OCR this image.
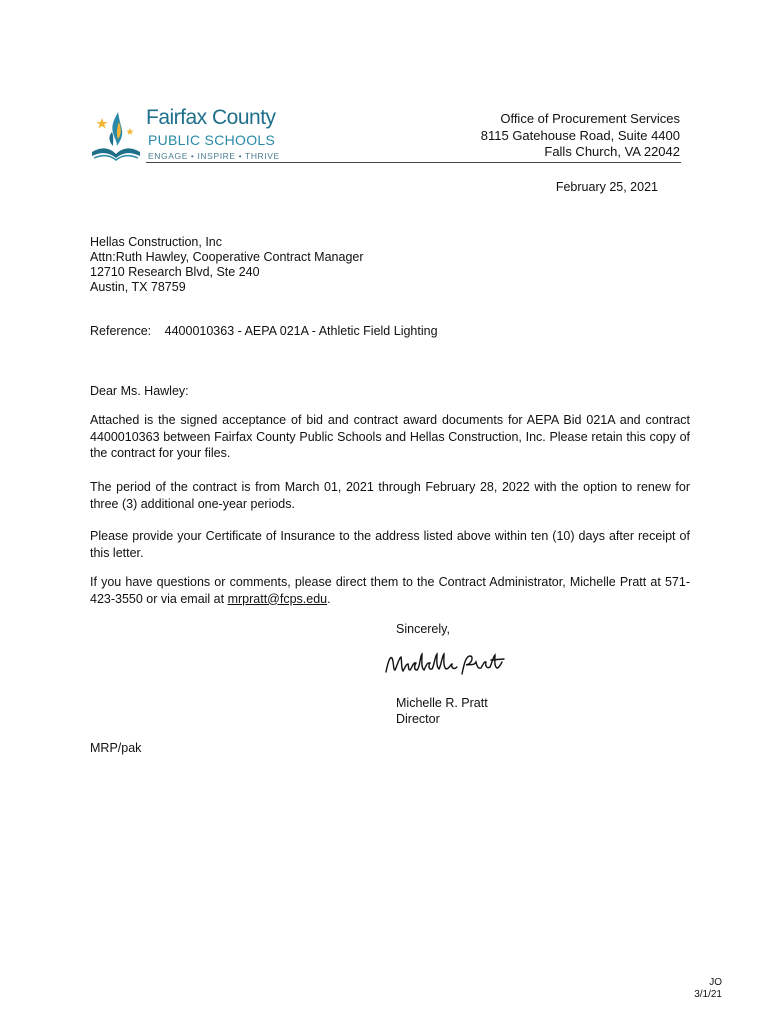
Fairfax County
PUBLIC SCHOOLS
ENGAGE • INSPIRE • THRIVE
Office of Procurement Services
8115 Gatehouse Road, Suite 4400
Falls Church, VA 22042
February 25, 2021
Hellas Construction, Inc
Attn:Ruth Hawley, Cooperative Contract Manager
12710 Research Blvd, Ste 240
Austin, TX 78759
Reference: 4400010363 - AEPA 021A - Athletic Field Lighting
Dear Ms. Hawley:
Attached is the signed acceptance of bid and contract award documents for AEPA Bid 021A and contract 4400010363 between Fairfax County Public Schools and Hellas Construction, Inc. Please retain this copy of the contract for your files.
The period of the contract is from March 01, 2021 through February 28, 2022 with the option to renew for three (3) additional one-year periods.
Please provide your Certificate of Insurance to the address listed above within ten (10) days after receipt of this letter.
If you have questions or comments, please direct them to the Contract Administrator, Michelle Pratt at 571-423-3550 or via email at mrpratt@fcps.edu.
Sincerely,
Michelle R. Pratt
Director
MRP/pak
JO
3/1/21
